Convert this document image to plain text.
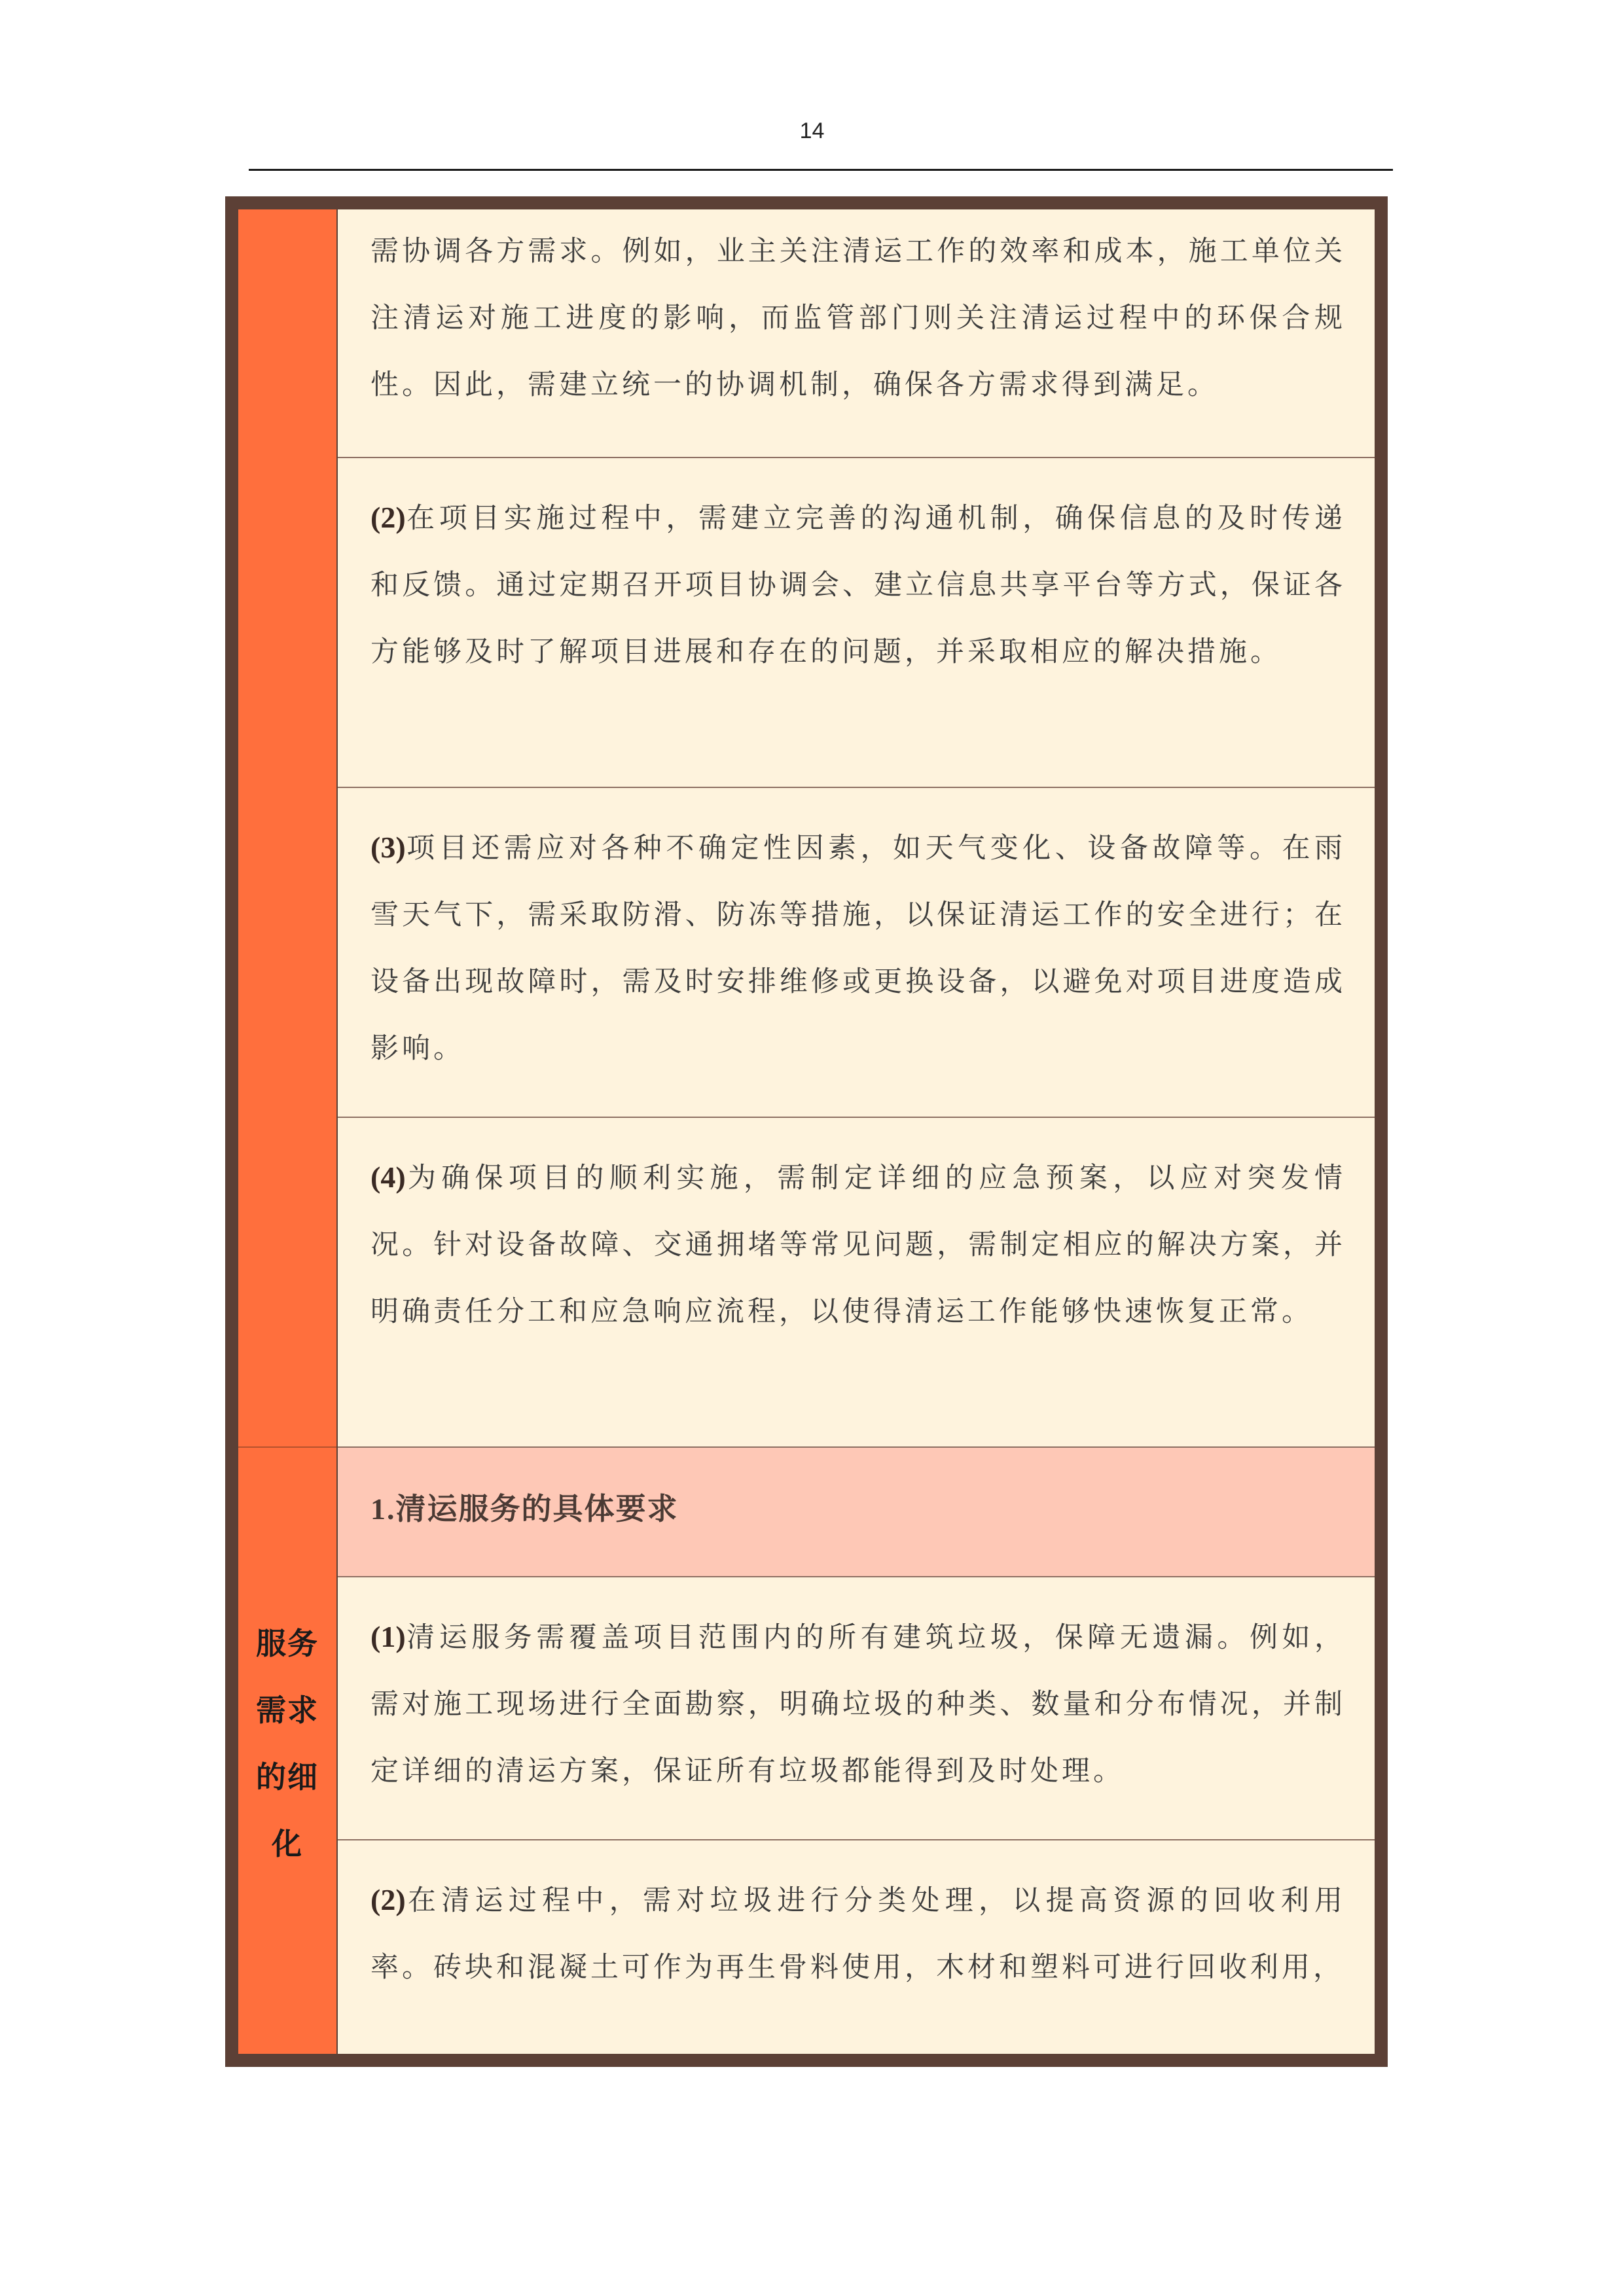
14
服务
需求
的细
化

需协调各方需求。例如，业主关注清运工作的效率和成本，施工单位关注清运对施工进度的影响，而监管部门则关注清运过程中的环保合规性。因此，需建立统一的协调机制，确保各方需求得到满足。

(2)在项目实施过程中，需建立完善的沟通机制，确保信息的及时传递和反馈。通过定期召开项目协调会、建立信息共享平台等方式，保证各方能够及时了解项目进展和存在的问题，并采取相应的解决措施。

(3)项目还需应对各种不确定性因素，如天气变化、设备故障等。在雨雪天气下，需采取防滑、防冻等措施，以保证清运工作的安全进行；在设备出现故障时，需及时安排维修或更换设备，以避免对项目进度造成影响。

(4)为确保项目的顺利实施，需制定详细的应急预案，以应对突发情况。针对设备故障、交通拥堵等常见问题，需制定相应的解决方案，并明确责任分工和应急响应流程，以使得清运工作能够快速恢复正常。

1.清运服务的具体要求

(1)清运服务需覆盖项目范围内的所有建筑垃圾，保障无遗漏。例如，需对施工现场进行全面勘察，明确垃圾的种类、数量和分布情况，并制定详细的清运方案，保证所有垃圾都能得到及时处理。

(2)在清运过程中，需对垃圾进行分类处理，以提高资源的回收利用率。砖块和混凝土可作为再生骨料使用，木材和塑料可进行回收利用，
